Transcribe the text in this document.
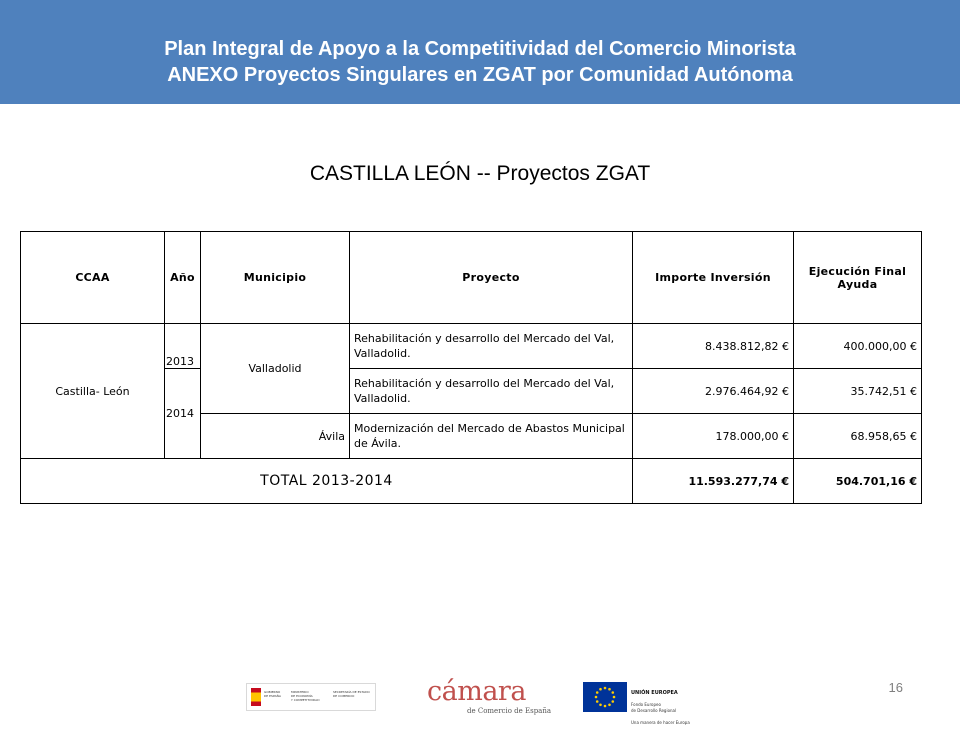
Plan Integral de Apoyo a la Competitividad del Comercio Minorista
ANEXO Proyectos Singulares en ZGAT por Comunidad Autónoma
CASTILLA LEÓN -- Proyectos ZGAT
CCAA	Año	Municipio	Proyecto	Importe Inversión	Ejecución Final Ayuda
Castilla- León	2013	Valladolid	Rehabilitación y desarrollo del Mercado del Val, Valladolid.	8.438.812,82 €	400.000,00 €
	2014		Rehabilitación y desarrollo del Mercado del Val, Valladolid.	2.976.464,92 €	35.742,51 €
		Ávila	Modernización del Mercado de Abastos Municipal de Ávila.	178.000,00 €	68.958,65 €
TOTAL 2013-2014				11.593.277,74 €	504.701,16 €
GOBIERNO
DE ESPAÑA
MINISTERIO
DE ECONOMÍA
Y COMPETITIVIDAD
SECRETARÍA DE ESTADO
DE COMERCIO	cámara
de Comercio de España

UNIÓN EUROPEA

Fondo Europeo
de Desarrollo Regional

Una manera de hacer Europa

16
